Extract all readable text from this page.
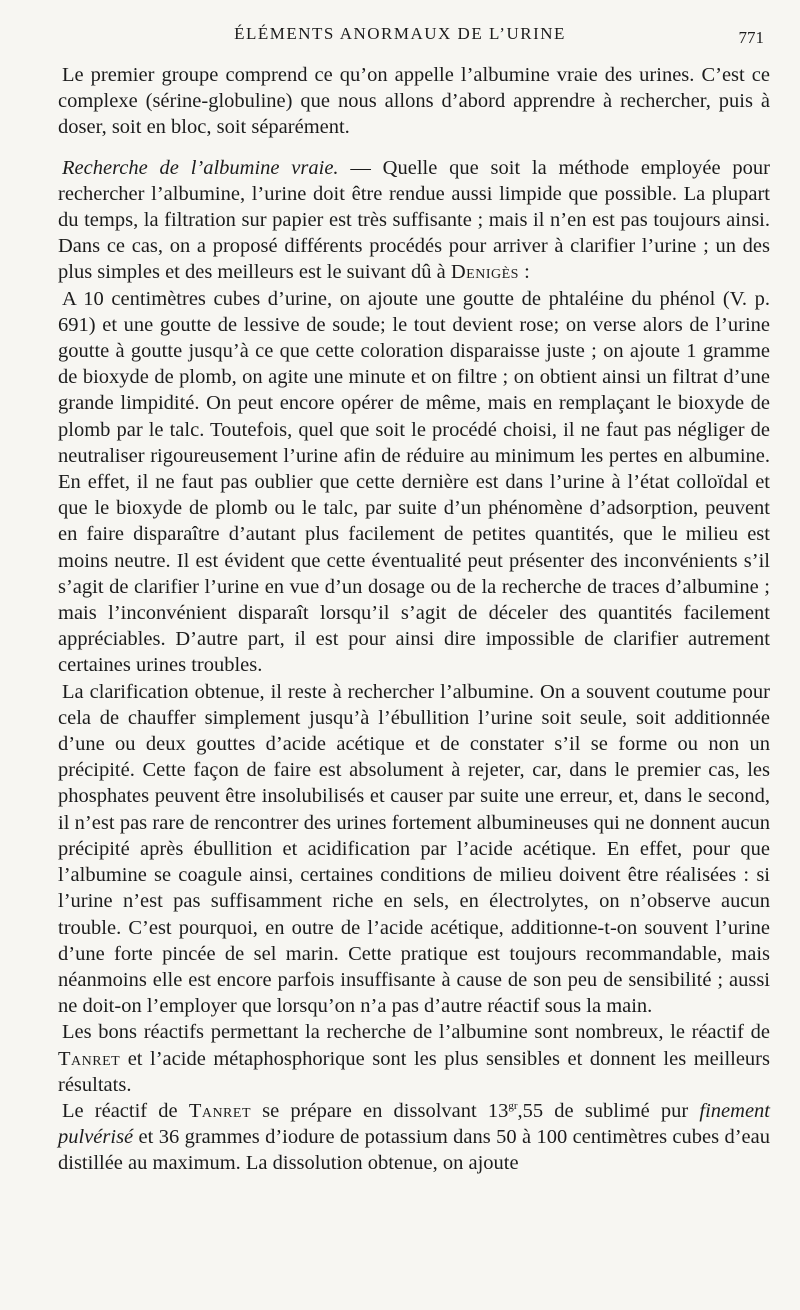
ÉLÉMENTS ANORMAUX DE L’URINE	771

Le premier groupe comprend ce qu’on appelle l’albumine vraie des urines. C’est ce complexe (sérine-globuline) que nous allons d’abord apprendre à rechercher, puis à doser, soit en bloc, soit séparément.

Recherche de l’albumine vraie. — Quelle que soit la méthode employée pour rechercher l’albumine, l’urine doit être rendue aussi limpide que possible. La plupart du temps, la filtration sur papier est très suffisante ; mais il n’en est pas toujours ainsi. Dans ce cas, on a proposé différents procédés pour arriver à clarifier l’urine ; un des plus simples et des meilleurs est le suivant dû à Denigès :

A 10 centimètres cubes d’urine, on ajoute une goutte de phtaléine du phénol (V. p. 691) et une goutte de lessive de soude; le tout devient rose; on verse alors de l’urine goutte à goutte jusqu’à ce que cette coloration disparaisse juste ; on ajoute 1 gramme de bioxyde de plomb, on agite une minute et on filtre ; on obtient ainsi un filtrat d’une grande limpidité. On peut encore opérer de même, mais en remplaçant le bioxyde de plomb par le talc. Toutefois, quel que soit le procédé choisi, il ne faut pas négliger de neutraliser rigoureusement l’urine afin de réduire au minimum les pertes en albumine. En effet, il ne faut pas oublier que cette dernière est dans l’urine à l’état colloïdal et que le bioxyde de plomb ou le talc, par suite d’un phénomène d’adsorption, peuvent en faire disparaître d’autant plus facilement de petites quantités, que le milieu est moins neutre. Il est évident que cette éventualité peut présenter des inconvénients s’il s’agit de clarifier l’urine en vue d’un dosage ou de la recherche de traces d’albumine ; mais l’inconvénient disparaît lorsqu’il s’agit de déceler des quantités facilement appréciables. D’autre part, il est pour ainsi dire impossible de clarifier autrement certaines urines troubles.

La clarification obtenue, il reste à rechercher l’albumine. On a souvent coutume pour cela de chauffer simplement jusqu’à l’ébullition l’urine soit seule, soit additionnée d’une ou deux gouttes d’acide acétique et de constater s’il se forme ou non un précipité. Cette façon de faire est absolument à rejeter, car, dans le premier cas, les phosphates peuvent être insolubilisés et causer par suite une erreur, et, dans le second, il n’est pas rare de rencontrer des urines fortement albumineuses qui ne donnent aucun précipité après ébullition et acidification par l’acide acétique. En effet, pour que l’albumine se coagule ainsi, certaines conditions de milieu doivent être réalisées : si l’urine n’est pas suffisamment riche en sels, en électrolytes, on n’observe aucun trouble. C’est pourquoi, en outre de l’acide acétique, additionne-t-on souvent l’urine d’une forte pincée de sel marin. Cette pratique est toujours recommandable, mais néanmoins elle est encore parfois insuffisante à cause de son peu de sensibilité ; aussi ne doit-on l’employer que lorsqu’on n’a pas d’autre réactif sous la main.

Les bons réactifs permettant la recherche de l’albumine sont nombreux, le réactif de Tanret et l’acide métaphosphorique sont les plus sensibles et donnent les meilleurs résultats.

Le réactif de Tanret se prépare en dissolvant $13^{gr},55$ de sublimé pur finement pulvérisé et 36 grammes d’iodure de potassium dans 50 à 100 centimètres cubes d’eau distillée au maximum. La dissolution obtenue, on ajoute
